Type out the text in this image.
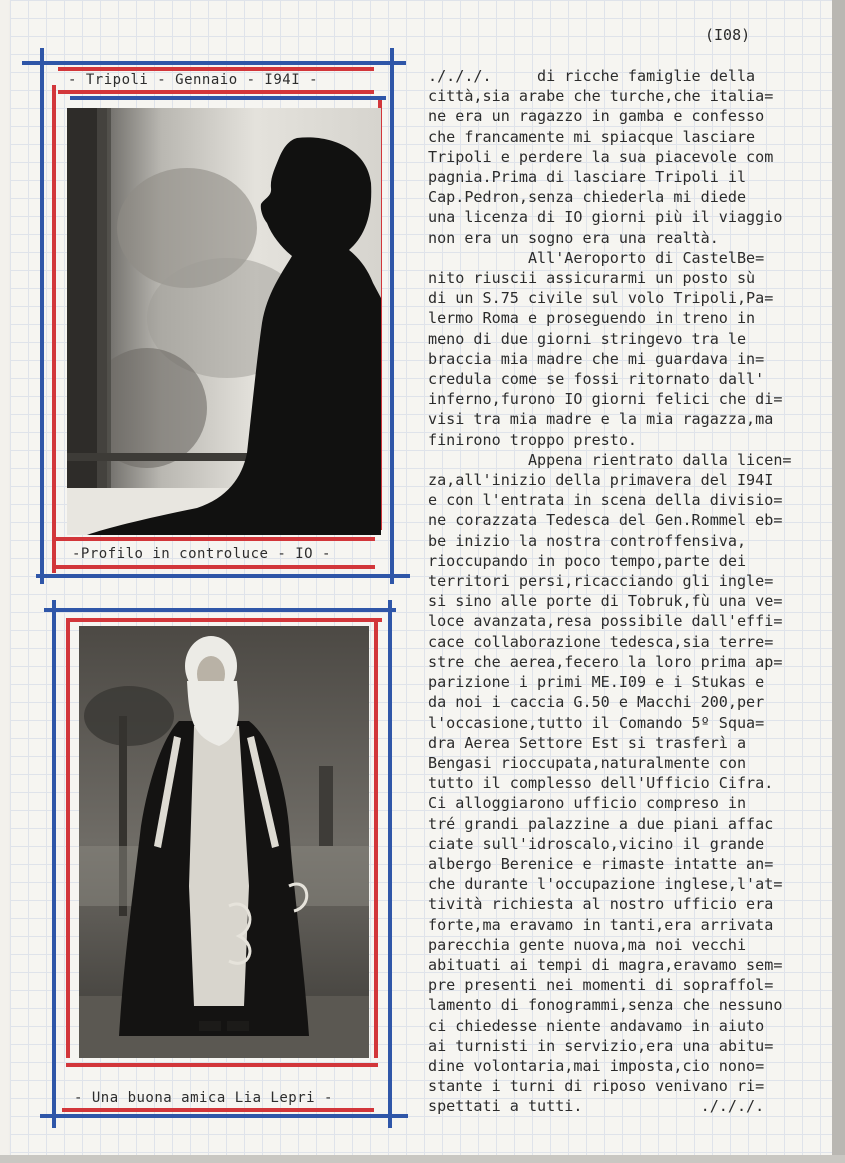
(I08)
- Tripoli - Gennaio - I94I -
-Profilo in controluce - IO -
- Una buona amica Lia Lepri -
./././.     di ricche famiglie della
città,sia arabe che turche,che italia=
ne era un ragazzo in gamba e confesso
che francamente mi spiacque lasciare
Tripoli e perdere la sua piacevole com
pagnia.Prima di lasciare Tripoli il
Cap.Pedron,senza chiederla mi diede
una licenza di IO giorni più il viaggio
non era un sogno era una realtà.
All'Aeroporto di CastelBe=
nito riuscii assicurarmi un posto sù
di un S.75 civile sul volo Tripoli,Pa=
lermo Roma e proseguendo in treno in
meno di due giorni stringevo tra le
braccia mia madre che mi guardava in=
credula come se fossi ritornato dall'
inferno,furono IO giorni felici che di=
visi tra mia madre e la mia ragazza,ma
finirono troppo presto.
Appena rientrato dalla licen=
za,all'inizio della primavera del I94I
e con l'entrata in scena della divisio=
ne corazzata Tedesca del Gen.Rommel eb=
be inizio la nostra controffensiva,
rioccupando in poco tempo,parte dei
territori persi,ricacciando gli ingle=
si sino alle porte di Tobruk,fù una ve=
loce avanzata,resa possibile dall'effi=
cace collaborazione tedesca,sia terre=
stre che aerea,fecero la loro prima ap=
parizione i primi ME.I09 e i Stukas e
da noi i caccia G.50 e Macchi 200,per
l'occasione,tutto il Comando 5º Squa=
dra Aerea Settore Est si trasferì a
Bengasi rioccupata,naturalmente con
tutto il complesso dell'Ufficio Cifra.
Ci alloggiarono ufficio compreso in
tré grandi palazzine a due piani affac
ciate sull'idroscalo,vicino il grande
albergo Berenice e rimaste intatte an=
che durante l'occupazione inglese,l'at=
tività richiesta al nostro ufficio era
forte,ma eravamo in tanti,era arrivata
parecchia gente nuova,ma noi vecchi
abituati ai tempi di magra,eravamo sem=
pre presenti nei momenti di sopraffol=
lamento di fonogrammi,senza che nessuno
ci chiedesse niente andavamo in aiuto
ai turnisti in servizio,era una abitu=
dine volontaria,mai imposta,cio nono=
stante i turni di riposo venivano ri=
spettati a tutti.             ./././.
